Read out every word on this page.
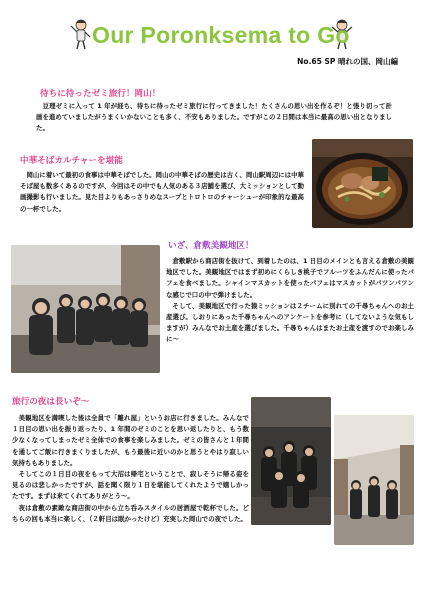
Our Poronksema to Go
No.65 SP 晴れの国、岡山編
待ちに待ったゼミ旅行！岡山！
　豆理ゼミに入って 1 年が経ち、待ちに待ったゼミ旅行に行ってきました！たくさんの思い出を作るぞ！と張り切って計画を進めていましたがうまくいかないことも多く、不安もありました。ですがこの２日間は本当に最高の思い出となりました。
中華そばカルチャーを堪能
　岡山に着いて最初の食事は中華そばでした。岡山の中華そばの歴史は古く、岡山駅周辺には中華そば屋も数多くあるのですが、今回はその中でも人気のある３店舗を選び、大ミッションとして動画撮影も行いました。見た目よりもあっさりめなスープとトロトロのチャーシューが印象的な最高の一杯でした。
いざ、倉敷美観地区！
　倉敷駅から商店街を抜けて、到着したのは、1 日目のメインとも言える倉敷の美観地区でした。美観地区ではまず初めにくらしき桃子でフルーツをふんだんに使ったパフェを食べました。シャインマスカットを使ったパフェはマスカットがパツンパツンな感じで口の中で弾けました。
　そして、美観地区で行った猿ミッションは２チームに別れての千尋ちゃんへのお土産選び。しおりにあった千尋ちゃんへのアンケートを参考に（してないような気もしますが）みんなでお土産を選びました。千尋ちゃんはまたお土産を渡すのでお楽しみに〜
旅行の夜は長いぞ〜
　美観地区を満喫した後は全員で「離れ屋」というお店に行きました。みんなで１日目の思い出を振り返ったり、1 年間のゼミのことを思い返したりと、もう数少なくなってしまったゼミ全体での食事を楽しみました。ゼミの皆さんと１年間を通してご飯に行きまくりましたが、もう最後に近いのかと思うとやはり寂しい気持ちもありました。
　そしてこの１日目の夜をもって大沼は帰宅ということで、寂しそうに帰る姿を見るのは悲しかったですが、話を聞く限り１日を堪能してくれたようで嬉しかったです。まずは来てくれてありがとう〜。
　夜は倉敷の素敵な商店街の中から立ち呑みスタイルの居酒屋で乾杯でした。どちらの回も本当に楽しく、（２軒目は眠かったけど）充実した岡山での夜でした。
